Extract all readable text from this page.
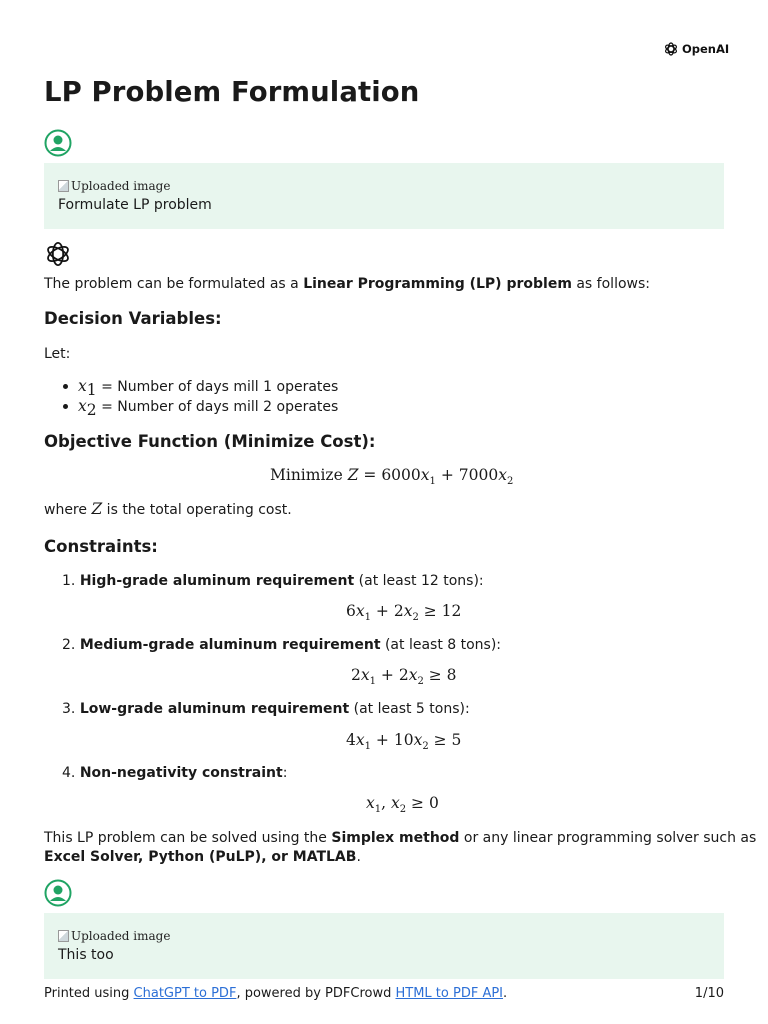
OpenAI
LP Problem Formulation
Uploaded image
Formulate LP problem
The problem can be formulated as a Linear Programming (LP) problem as follows:
Decision Variables:
Let:
$x_1$ = Number of days mill 1 operates
$x_2$ = Number of days mill 2 operates
Objective Function (Minimize Cost):
Minimize $Z = 6000x_1 + 7000x_2$
where Z is the total operating cost.
Constraints:
1. High-grade aluminum requirement (at least 12 tons):
$6x_1 + 2x_2 \ge 12$
2. Medium-grade aluminum requirement (at least 8 tons):
$2x_1 + 2x_2 \ge 8$
3. Low-grade aluminum requirement (at least 5 tons):
$4x_1 + 10x_2 \ge 5$
4. Non-negativity constraint:
$x_1$, $x_2 \ge 0$
This LP problem can be solved using the Simplex method or any linear programming solver such as
Excel Solver, Python (PuLP), or MATLAB.
Uploaded image
This too
Printed using ChatGPT to PDF, powered by PDFCrowd HTML to PDF API.	1/10
